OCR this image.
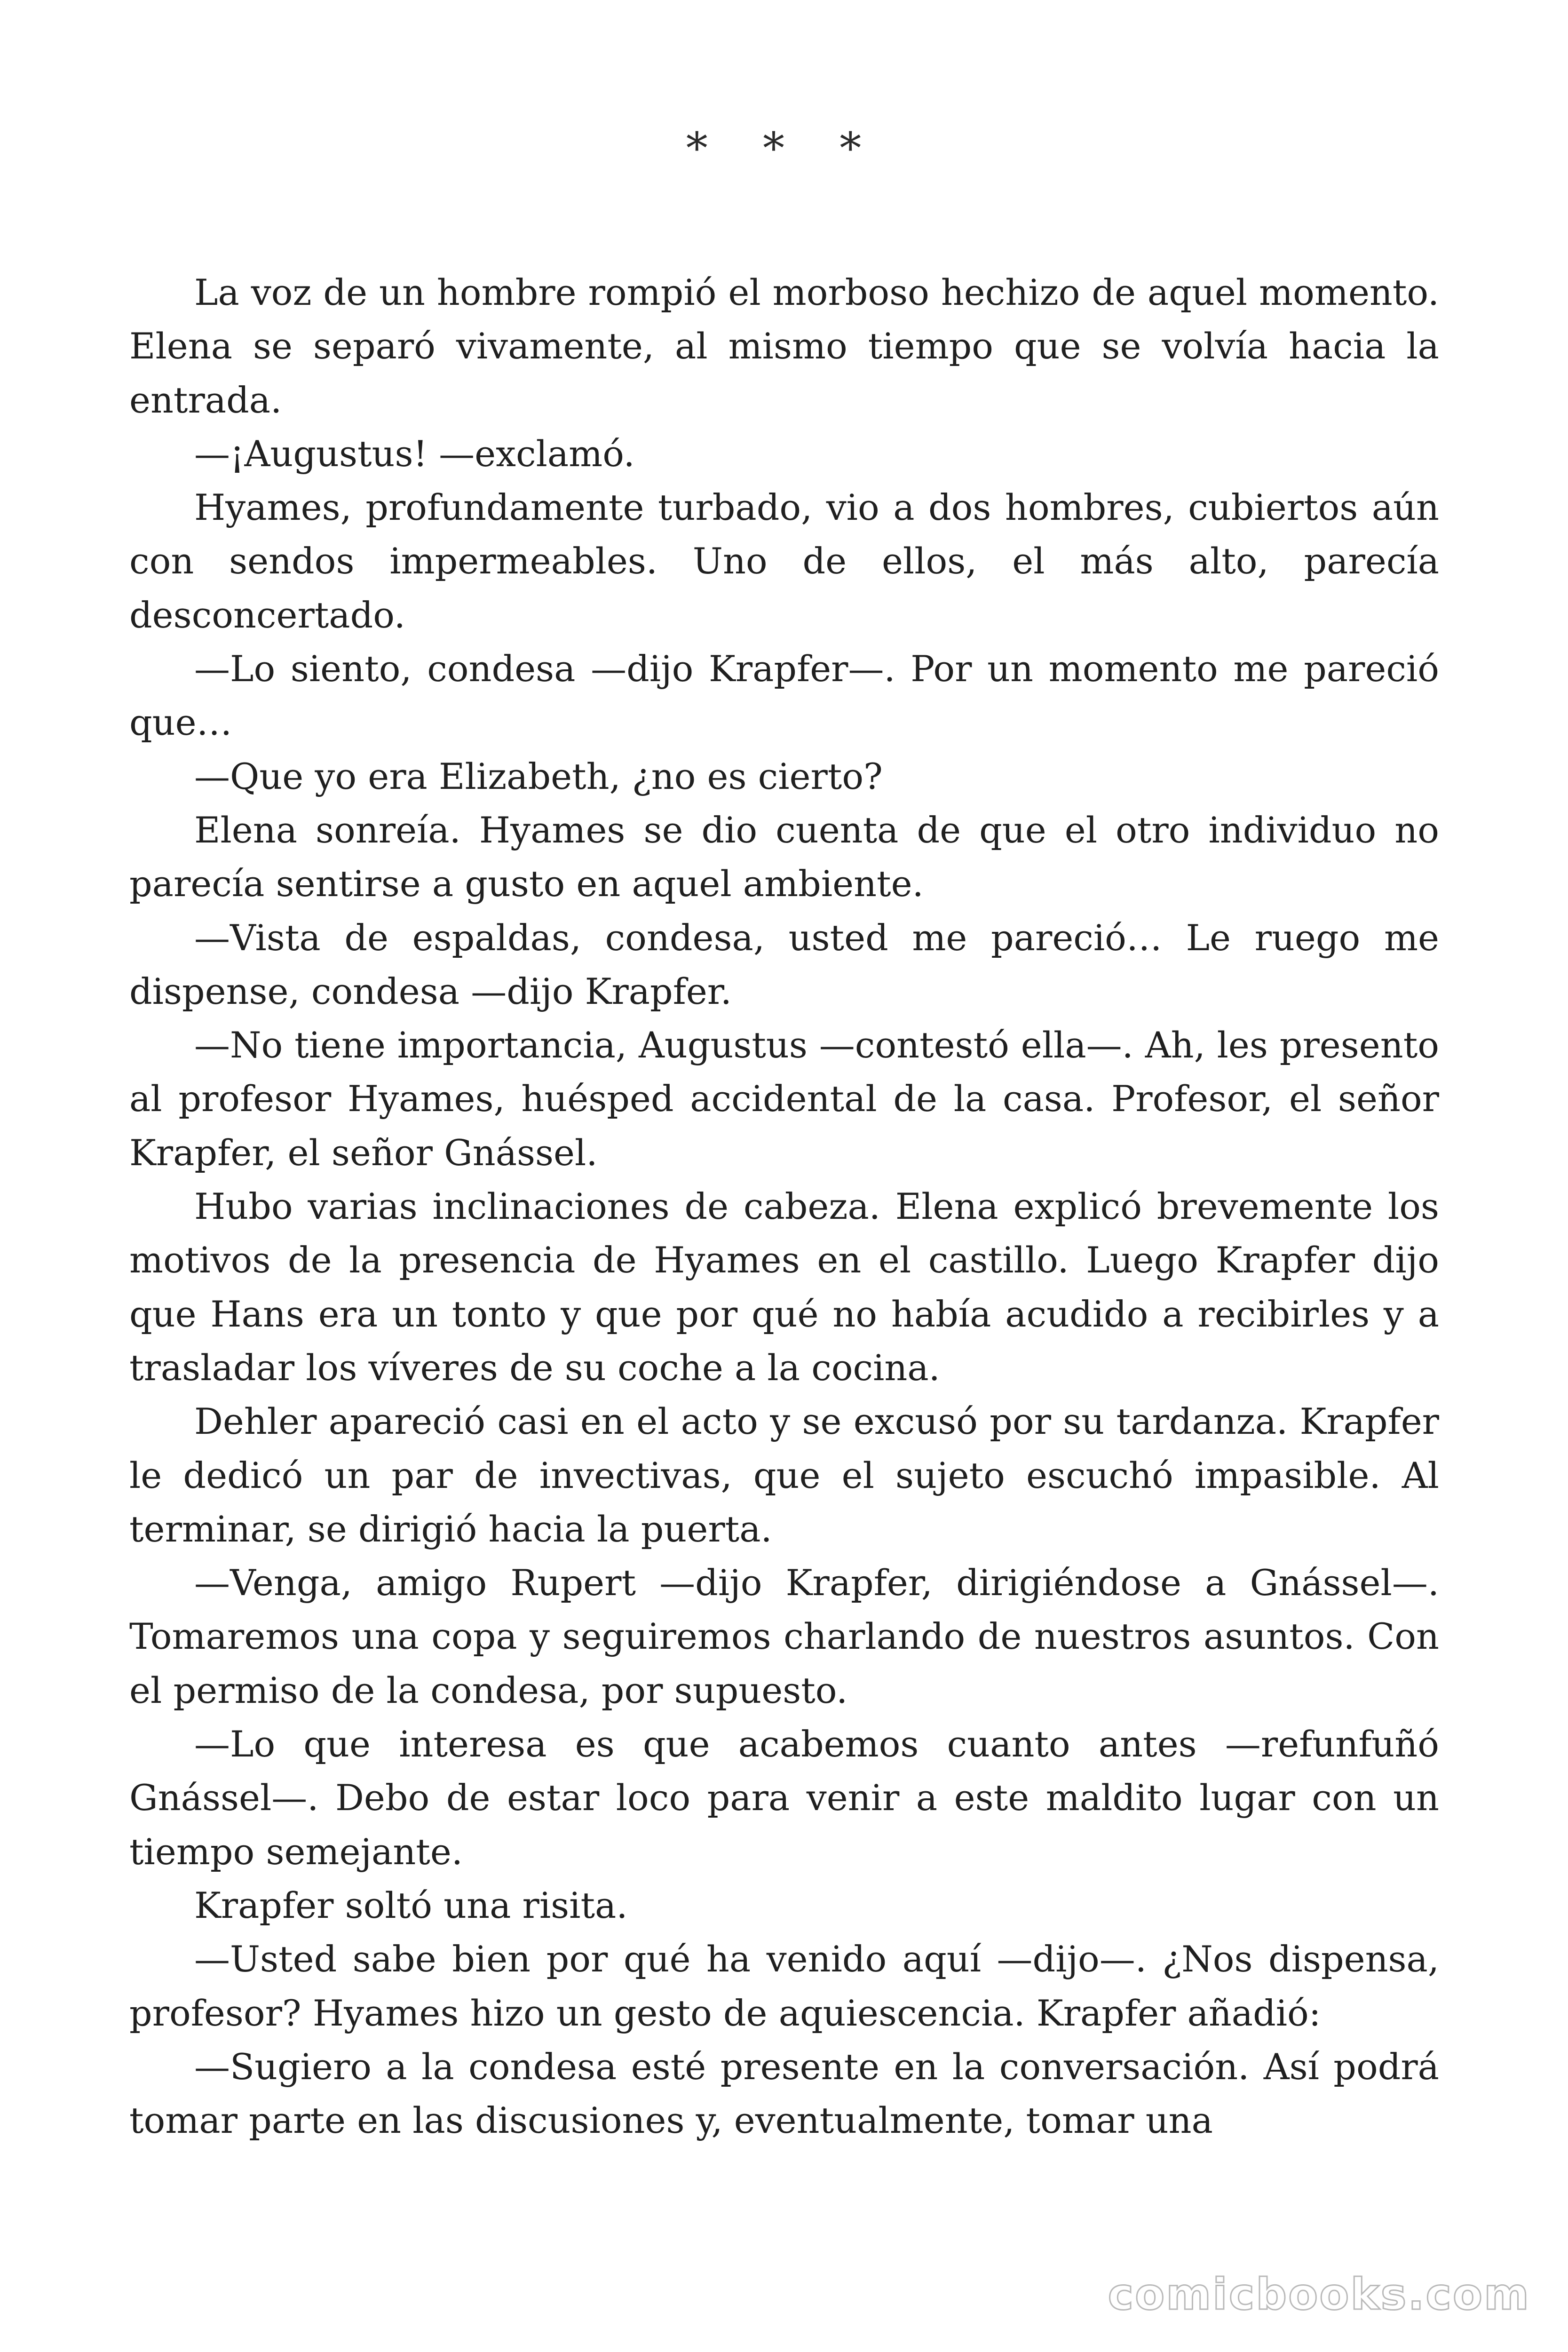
* * *

La voz de un hombre rompió el morboso hechizo de aquel momento. Elena se separó vivamente, al mismo tiempo que se volvía hacia la entrada.

—¡Augustus! —exclamó.

Hyames, profundamente turbado, vio a dos hombres, cubiertos aún con sendos impermeables. Uno de ellos, el más alto, parecía desconcertado.

—Lo siento, condesa —dijo Krapfer—. Por un momento me pareció que…

—Que yo era Elizabeth, ¿no es cierto?

Elena sonreía. Hyames se dio cuenta de que el otro individuo no parecía sentirse a gusto en aquel ambiente.

—Vista de espaldas, condesa, usted me pareció… Le ruego me dispense, condesa —dijo Krapfer.

—No tiene importancia, Augustus —contestó ella—. Ah, les presento al profesor Hyames, huésped accidental de la casa. Profesor, el señor Krapfer, el señor Gnássel.

Hubo varias inclinaciones de cabeza. Elena explicó brevemente los motivos de la presencia de Hyames en el castillo. Luego Krapfer dijo que Hans era un tonto y que por qué no había acudido a recibirles y a trasladar los víveres de su coche a la cocina.

Dehler apareció casi en el acto y se excusó por su tardanza. Krapfer le dedicó un par de invectivas, que el sujeto escuchó impasible. Al terminar, se dirigió hacia la puerta.

—Venga, amigo Rupert —dijo Krapfer, dirigiéndose a Gnássel—. Tomaremos una copa y seguiremos charlando de nuestros asuntos. Con el permiso de la condesa, por supuesto.

—Lo que interesa es que acabemos cuanto antes —refunfuñó Gnássel—. Debo de estar loco para venir a este maldito lugar con un tiempo semejante.

Krapfer soltó una risita.

—Usted sabe bien por qué ha venido aquí —dijo—. ¿Nos dispensa, profesor? Hyames hizo un gesto de aquiescencia. Krapfer añadió:

—Sugiero a la condesa esté presente en la conversación. Así podrá tomar parte en las discusiones y, eventualmente, tomar una

comicbooks.com
